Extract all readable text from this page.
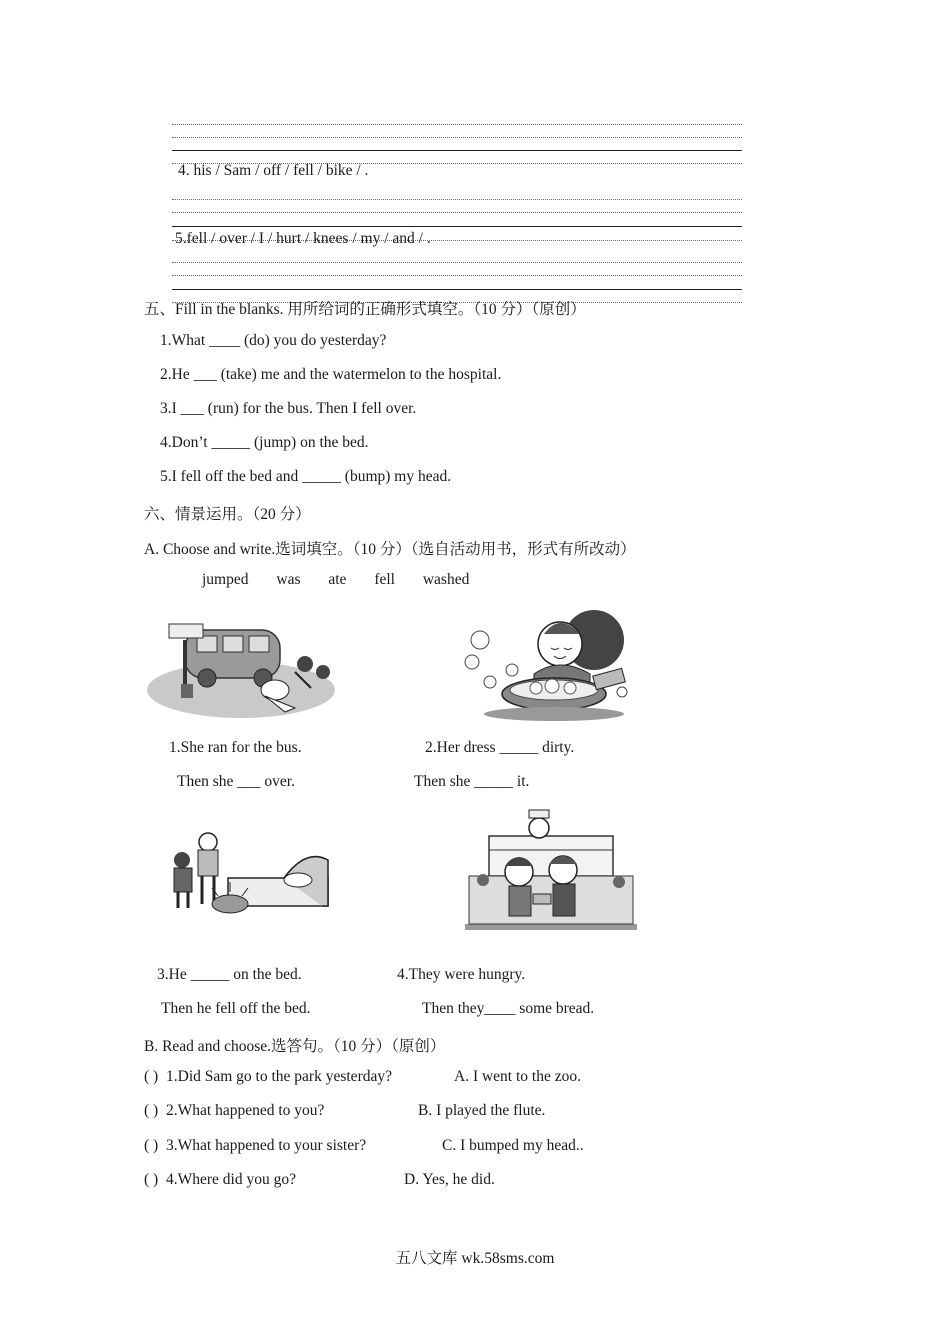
4. his / Sam / off / fell / bike / .
5.fell / over / I / hurt / knees / my / and / .
五、Fill in the blanks. 用所给词的正确形式填空。（10 分）（原创）
1.What ____ (do) you do yesterday?
2.He ___ (take) me and the watermelon to the hospital.
3.I ___ (run) for the bus. Then I fell over.
4.Don’t _____ (jump) on the bed.
5.I fell off the bed and _____ (bump) my head.
六、情景运用。（20 分）
A. Choose and write.选词填空。（10 分）（选自活动用书，形式有所改动）
jumped was ate fell washed
1.She ran for the bus.
Then she ___ over.
2.Her dress _____ dirty.
Then she _____ it.
3.He _____ on the bed.
Then he fell off the bed.
4.They were hungry.
Then they____ some bread.
B. Read and choose.选答句。（10 分）（原创）
( ) 1.Did Sam go to the park yesterday?	A. I went to the zoo.
( ) 2.What happened to you?	B. I played the flute.
( ) 3.What happened to your sister?	C. I bumped my head..
( ) 4.Where did you go?	D. Yes, he did.
五八文库 wk.58sms.com
